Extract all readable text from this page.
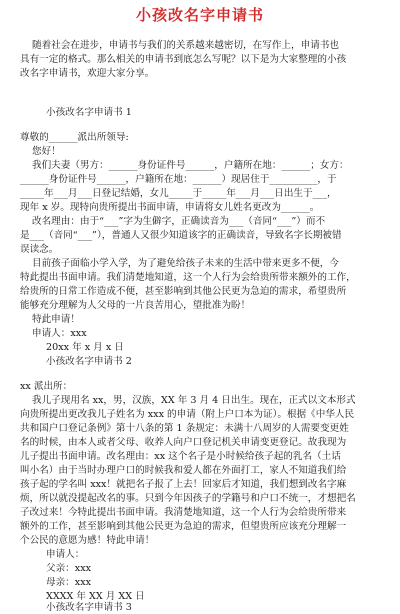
小孩改名字申请书
随着社会在进步，申请书与我们的关系越来越密切，在写作上，申请书也
具有一定的格式。那么相关的申请书到底怎么写呢？以下是为大家整理的小孩
改名字申请书，欢迎大家分享。
小孩改名字申请书 1
尊敬的______派出所领导:
您好！
我们夫妻（男方：______身份证件号______，户籍所在地：______；女方：
______身份证件号______，户籍所在地：______）现居住于__________，于
_____年___月___日登记结婚，女儿_____于_____年___月___日出生于___，
现年 x 岁。现特向贵所提出书面申请，申请将女儿姓名更改为______。
改名理由：由于“___”字为生僻字，正确读音为___（音同“___”）而不
是___（音同“___”），普通人又很少知道该字的正确读音，导致名字长期被错
误读念。
目前孩子面临小学入学，为了避免给孩子未来的生活中带来更多不便，今
特此提出书面申请。我们清楚地知道，这一个人行为会给贵所带来额外的工作，
给贵所的日常工作造成不便，甚至影响到其他公民更为急迫的需求，希望贵所
能够充分理解为人父母的一片良苦用心，望批准为盼！
特此申请！
申请人：xxx
20xx 年 x 月 x 日
小孩改名字申请书 2
xx 派出所：
我儿子现用名 xx，男，汉族，XX 年 3 月 4 日出生。现在，正式以文本形式
向贵所提出更改我儿子姓名为 xxx 的申请（附上户口本为证）。根据《中华人民
共和国户口登记条例》第十八条的第 1 条规定：未满十八周岁的人需要变更姓
名的时候，由本人或者父母、收养人向户口登记机关申请变更登记。故我现为
儿子提出书面申请。改名理由：xx 这个名子是小时候给孩子起的乳名（土话
叫小名）由于当时办理户口的时候我和爱人都在外面打工，家人不知道我们给
孩子起的学名叫 xxx！就把名子报了上去！回家后才知道，我们想到改名字麻
烦，所以就没提起改名的事。只到今年因孩子的学籍号和户口不统一，才想把名
子改过来！今特此提出书面申请。我清楚地知道，这一个人行为会给贵所带来
额外的工作，甚至影响到其他公民更为急迫的需求，但望贵所应该充分理解一
个公民的意愿为感！特此申请！
申请人：
父亲：xxx
母亲：xxx
XXXX 年 XX 月 XX 日
小孩改名字申请书 3
